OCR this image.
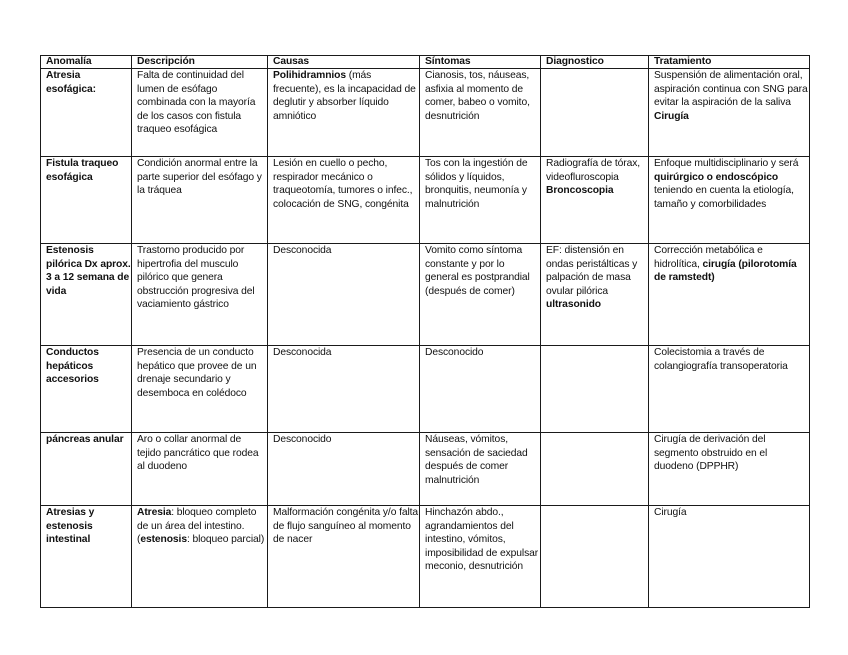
Anomalía	Descripción	Causas	Síntomas	Diagnostico	Tratamiento
Atresia esofágica:	Falta de continuidad del lumen de esófago combinada con la mayoría de los casos con fistula traqueo esofágica	Polihidramnios (más frecuente), es la incapacidad de deglutir y absorber líquido amniótico	Cianosis, tos, náuseas, asfixia al momento de comer, babeo o vomito, desnutrición		Suspensión de alimentación oral, aspiración continua con SNG para evitar la aspiración de la saliva Cirugía
Fistula traqueo esofágica	Condición anormal entre la parte superior del esófago y la tráquea	Lesión en cuello o pecho, respirador mecánico o traqueotomía, tumores o infec., colocación de SNG, congénita	Tos con la ingestión de sólidos y líquidos, bronquitis, neumonía y malnutrición	Radiografía de tórax, videofluroscopia Broncoscopia	Enfoque multidisciplinario y será quirúrgico o endoscópico teniendo en cuenta la etiología, tamaño y comorbilidades
Estenosis pilórica Dx aprox. 3 a 12 semana de vida	Trastorno producido por hipertrofia del musculo pilórico que genera obstrucción progresiva del vaciamiento gástrico	Desconocida	Vomito como síntoma constante y por lo general es postprandial (después de comer)	EF: distensión en ondas peristálticas y palpación de masa ovular pilórica ultrasonido	Corrección metabólica e hidrolítica, cirugía (pilorotomía de ramstedt)
Conductos hepáticos accesorios	Presencia de un conducto hepático que provee de un drenaje secundario y desemboca en colédoco	Desconocida	Desconocido		Colecistomia a través de colangiografía transoperatoria
páncreas anular	Aro o collar anormal de tejido pancrático que rodea al duodeno	Desconocido	Náuseas, vómitos, sensación de saciedad después de comer malnutrición		Cirugía de derivación del segmento obstruido en el duodeno (DPPHR)
Atresias y estenosis intestinal	Atresia: bloqueo completo de un área del intestino. (estenosis: bloqueo parcial)	Malformación congénita y/o falta de flujo sanguíneo al momento de nacer	Hinchazón abdo., agrandamientos del intestino, vómitos, imposibilidad de expulsar meconio, desnutrición		Cirugía
